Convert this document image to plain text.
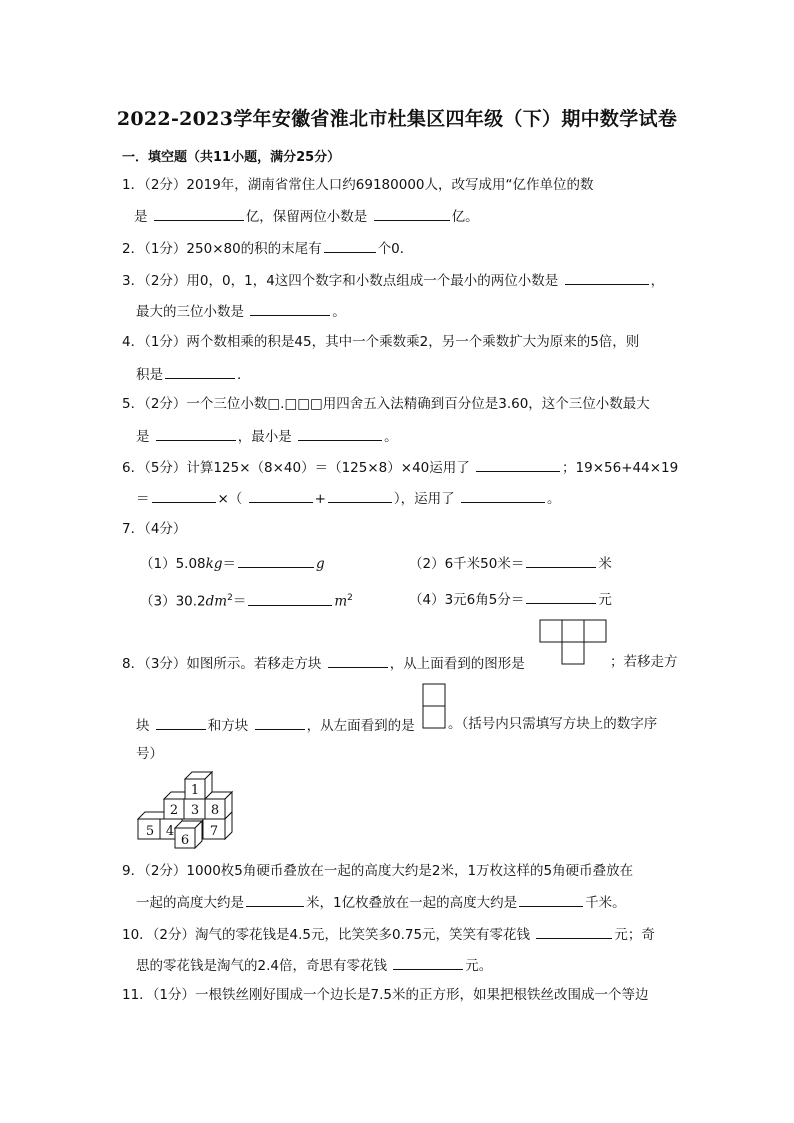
2022-2023学年安徽省淮北市杜集区四年级（下）期中数学试卷
一．填空题（共11小题，满分25分）
1．（2分）2019年，湖南省常住人口约69180000人，改写成用“亿作单位的数
是	亿，保留两位小数是	亿。
2．（1分）250×80的积的末尾有	个0．
3．（2分）用0，0，1，4这四个数字和小数点组成一个最小的两位小数是	，
最大的三位小数是	。
4．（1分）两个数相乘的积是45，其中一个乘数乘2，另一个乘数扩大为原来的5倍，则
积是	.
5．（2分）一个三位小数□.□□□用四舍五入法精确到百分位是3.60，这个三位小数最大
是	，最小是	。
6．（5分）计算125×（8×40）＝（125×8）×40运用了	；19×56+44×19
＝	×（	+	），运用了	。
7．（4分）
（1）5.08kg＝	g	（2）6千米50米＝	米
$(3)30.2dm^2=$	$m^2$	（4）3元6角5分＝	元
8．（3分）如图所示。若移走方块	，从上面看到的图形是	；若移走方
块	和方块	，从左面看到的是 。（括号内只需填写方块上的数字序
号）
1
2 3 8
5 4
6
7
9．（2分）1000枚5角硬币叠放在一起的高度大约是2米，1万枚这样的5角硬币叠放在
一起的高度大约是	米，1亿枚叠放在一起的高度大约是	千米。
10．（2分）淘气的零花钱是4.5元，比笑笑多0.75元，笑笑有零花钱	元；奇
思的零花钱是淘气的2.4倍，奇思有零花钱	元。
11．（1分）一根铁丝刚好围成一个边长是7.5米的正方形，如果把根铁丝改围成一个等边
